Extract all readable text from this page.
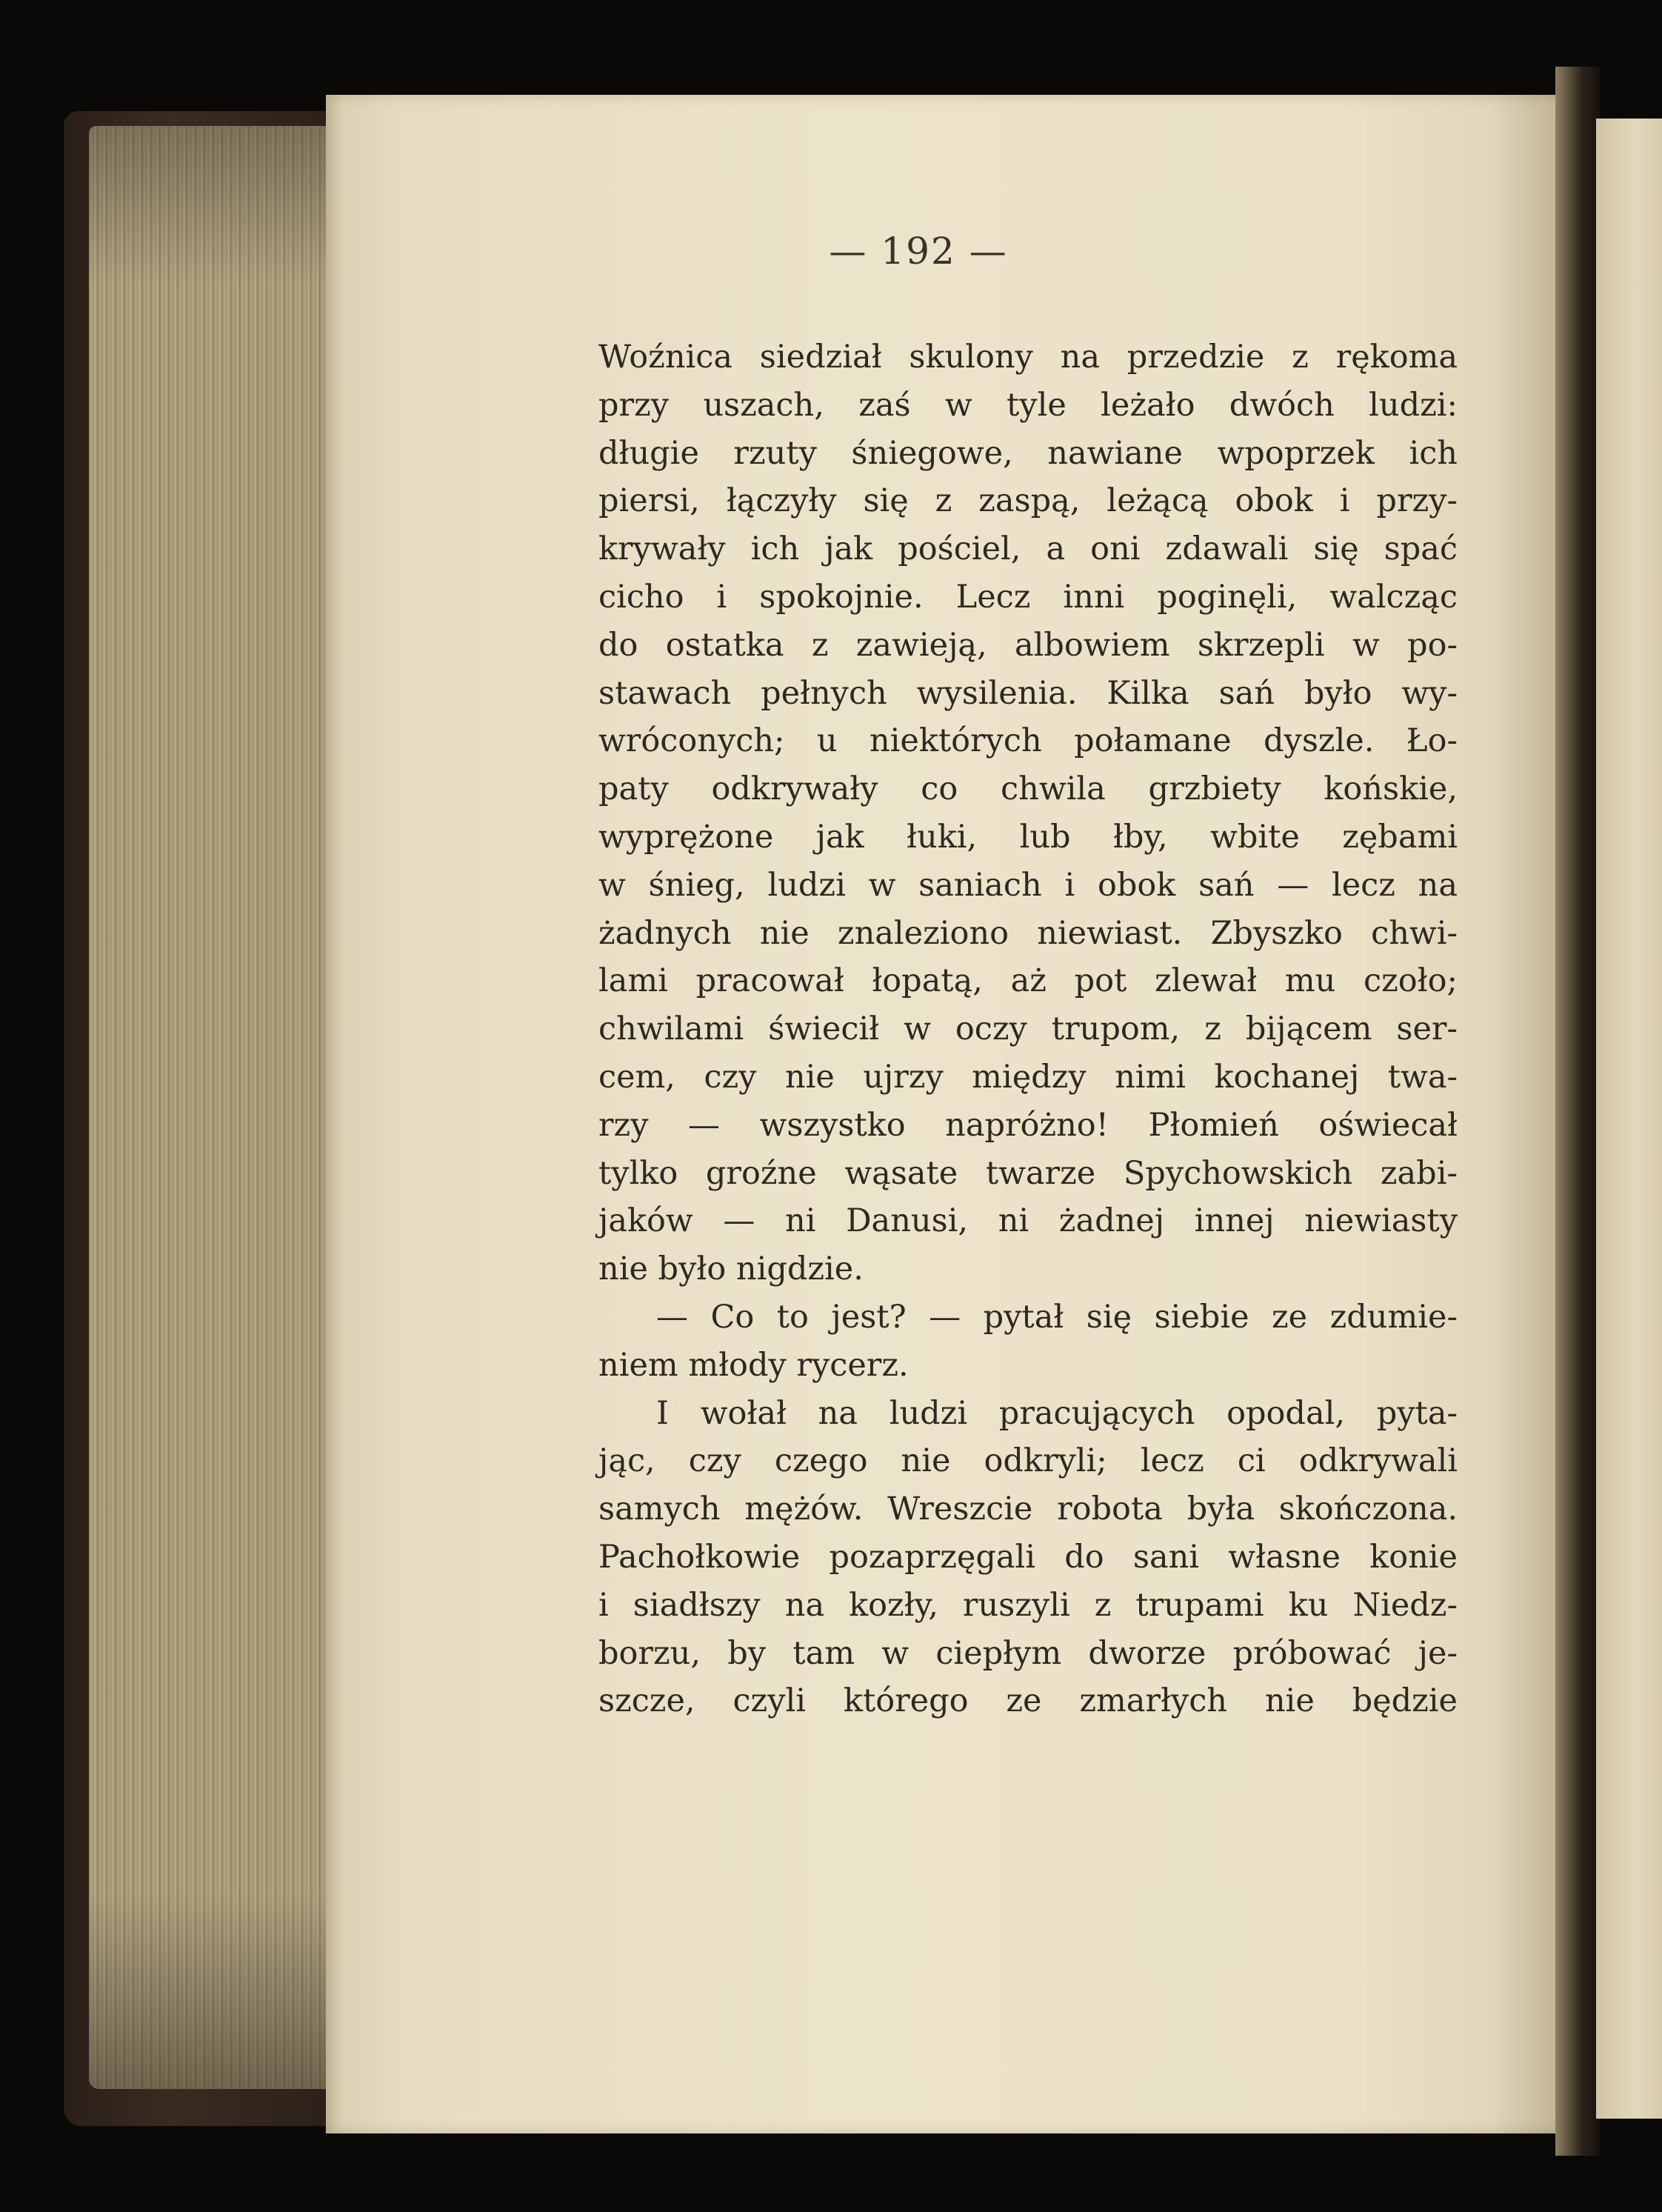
— 192 —
Woźnica siedział skulony na przedzie z rękoma
przy uszach, zaś w tyle leżało dwóch ludzi:
długie rzuty śniegowe, nawiane wpoprzek ich
piersi, łączyły się z zaspą, leżącą obok i przy-
krywały ich jak pościel, a oni zdawali się spać
cicho i spokojnie. Lecz inni poginęli, walcząc
do ostatka z zawieją, albowiem skrzepli w po-
stawach pełnych wysilenia. Kilka sań było wy-
wróconych; u niektórych połamane dyszle. Ło-
paty odkrywały co chwila grzbiety końskie,
wyprężone jak łuki, lub łby, wbite zębami
w śnieg, ludzi w saniach i obok sań — lecz na
żadnych nie znaleziono niewiast. Zbyszko chwi-
lami pracował łopatą, aż pot zlewał mu czoło;
chwilami świecił w oczy trupom, z bijącem ser-
cem, czy nie ujrzy między nimi kochanej twa-
rzy — wszystko napróżno! Płomień oświecał
tylko groźne wąsate twarze Spychowskich zabi-
jaków — ni Danusi, ni żadnej innej niewiasty
nie było nigdzie.
— Co to jest? — pytał się siebie ze zdumie-
niem młody rycerz.
I wołał na ludzi pracujących opodal, pyta-
jąc, czy czego nie odkryli; lecz ci odkrywali
samych mężów. Wreszcie robota była skończona.
Pachołkowie pozaprzęgali do sani własne konie
i siadłszy na kozły, ruszyli z trupami ku Niedz-
borzu, by tam w ciepłym dworze próbować je-
szcze, czyli którego ze zmarłych nie będzie
